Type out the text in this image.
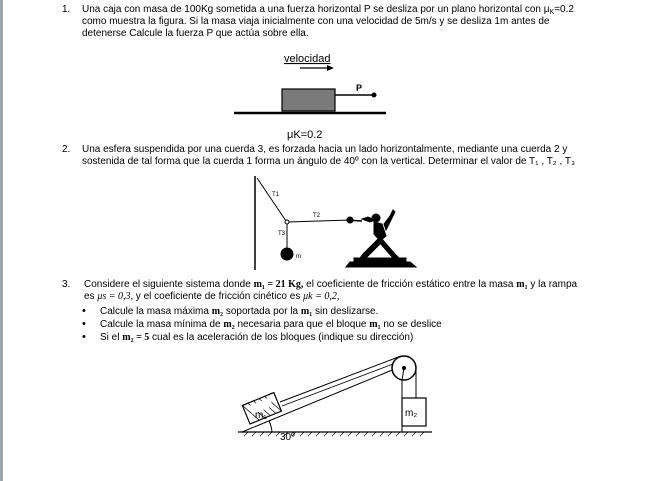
1. Una caja con masa de 100Kg sometida a una fuerza horizontal P se desliza por un plano horizontal con $\mu_K=0.2$
como muestra la figura. Si la masa viaja inicialmente con una velocidad de 5m/s y se desliza 1m antes de
detenerse Calcule la fuerza P que actúa sobre ella.
velocidad
P
μK=0.2
2. Una esfera suspendida por una cuerda 3, es forzada hacia un lado horizontalmente, mediante una cuerda 2 y
sostenida de tal forma que la cuerda 1 forma un ángulo de 40º con la vertical. Determinar el valor de T₁ , T₂ , T₃
m
T1
T2
T3
3. Considere el siguiente sistema donde m₁ = 21 Kg, el coeficiente de fricción estático entre la masa m₁ y la rampa
es μs = 0,3, y el coeficiente de fricción cinético es μk = 0,2,
• Calcule la masa máxima m₂ soportada por la m₁ sin deslizarse.
• Calcule la masa mínima de m₂ necesaria para que el bloque m₁ no se deslice
• Si el m₂ = 5 cual es la aceleración de los bloques (indique su dirección)
m₁	m₂
30º
